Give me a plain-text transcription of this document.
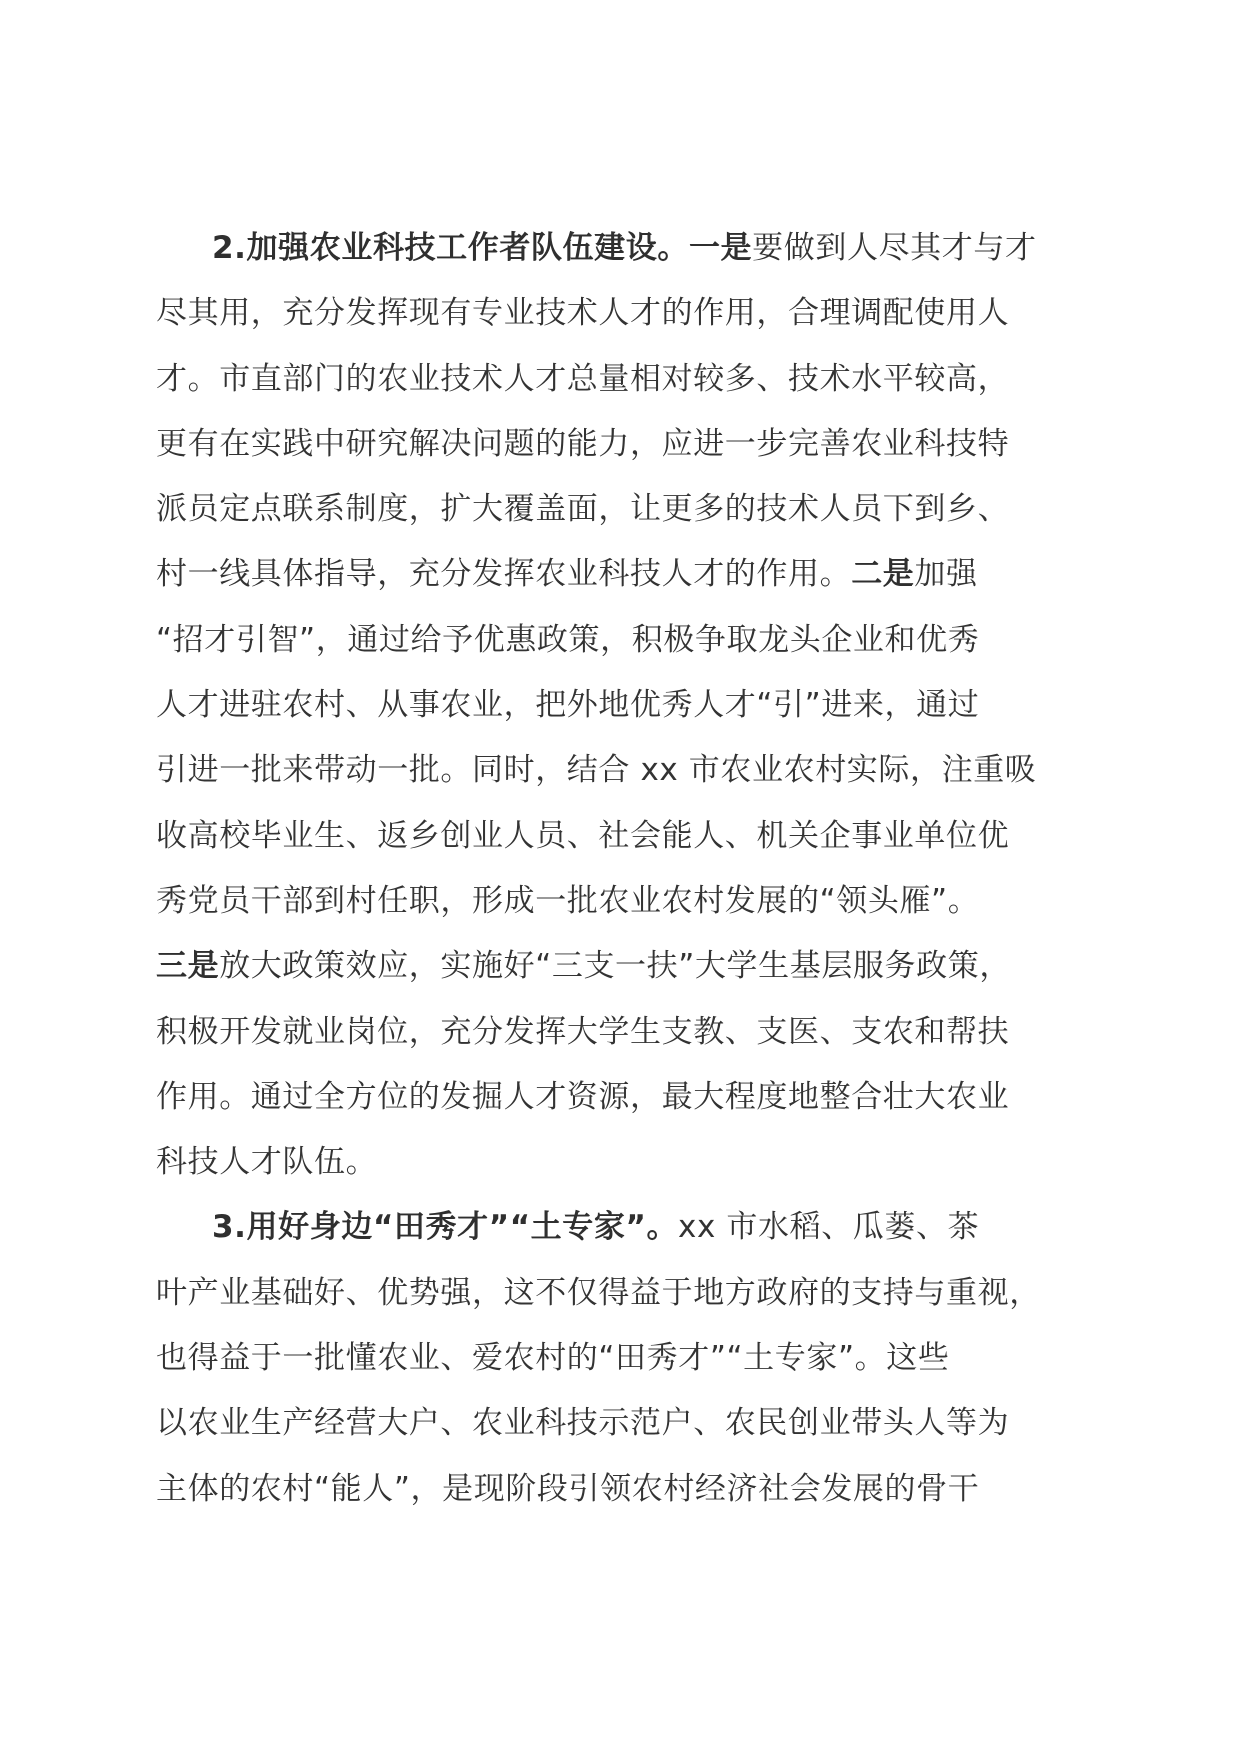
2.加强农业科技工作者队伍建设。一是要做到人尽其才与才
尽其用，充分发挥现有专业技术人才的作用，合理调配使用人
才。市直部门的农业技术人才总量相对较多、技术水平较高，
更有在实践中研究解决问题的能力，应进一步完善农业科技特
派员定点联系制度，扩大覆盖面，让更多的技术人员下到乡、
村一线具体指导，充分发挥农业科技人才的作用。二是加强
“招才引智”，通过给予优惠政策，积极争取龙头企业和优秀
人才进驻农村、从事农业，把外地优秀人才“引”进来，通过
引进一批来带动一批。同时，结合 xx 市农业农村实际，注重吸
收高校毕业生、返乡创业人员、社会能人、机关企事业单位优
秀党员干部到村任职，形成一批农业农村发展的“领头雁”。
三是放大政策效应，实施好“三支一扶”大学生基层服务政策，
积极开发就业岗位，充分发挥大学生支教、支医、支农和帮扶
作用。通过全方位的发掘人才资源，最大程度地整合壮大农业
科技人才队伍。
3.用好身边“田秀才”“土专家”。xx 市水稻、瓜蒌、茶
叶产业基础好、优势强，这不仅得益于地方政府的支持与重视，
也得益于一批懂农业、爱农村的“田秀才”“土专家”。这些
以农业生产经营大户、农业科技示范户、农民创业带头人等为
主体的农村“能人”，是现阶段引领农村经济社会发展的骨干
